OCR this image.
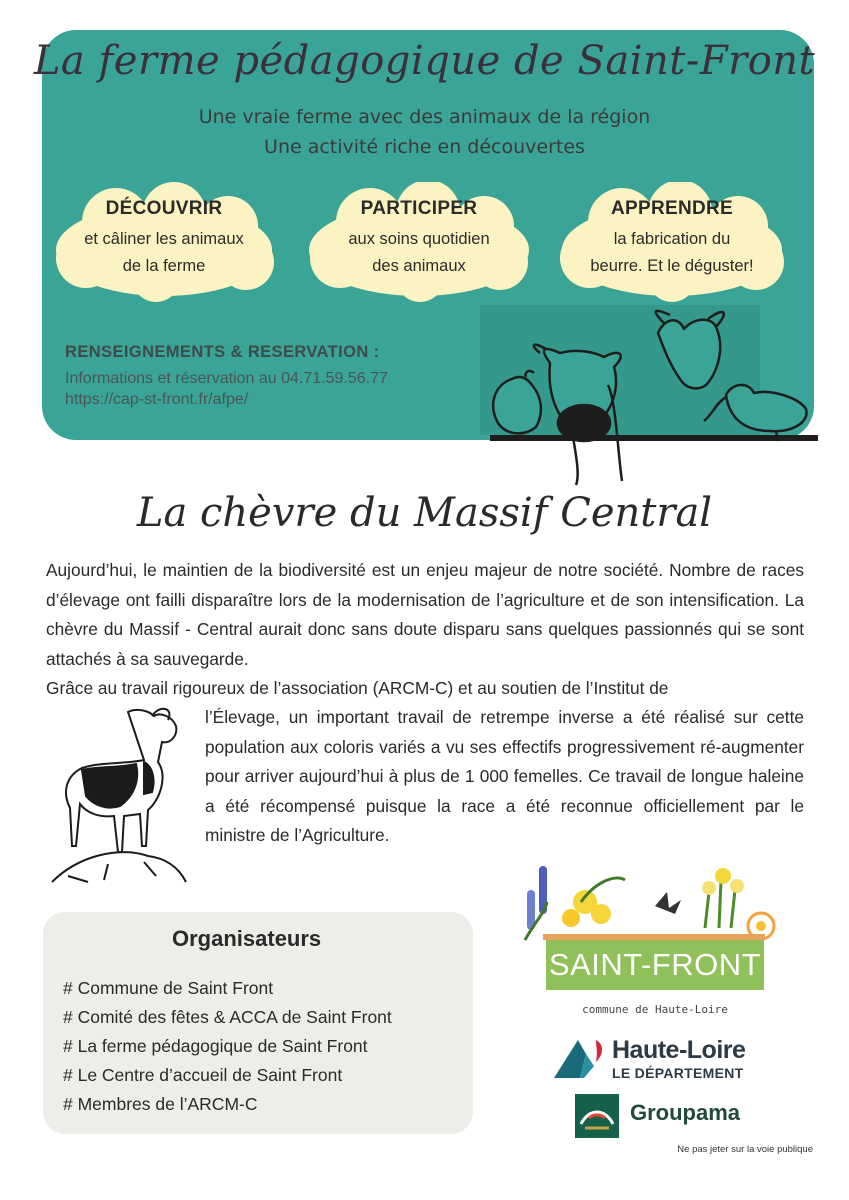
La ferme pédagogique de Saint-Front
Une vraie ferme avec des animaux de la région
Une activité riche en découvertes
DÉCOUVRIR
et câliner les animaux
de la ferme
PARTICIPER
aux soins quotidien
des animaux
APPRENDRE
la fabrication du
beurre. Et le déguster!
RENSEIGNEMENTS & RESERVATION :
Informations et réservation au 04.71.59.56.77
https://cap-st-front.fr/afpe/
La chèvre du Massif Central
Aujourd’hui, le maintien de la biodiversité est un enjeu majeur de notre société. Nombre de races d’élevage ont failli disparaître lors de la modernisation de l’agriculture et de son intensification. La chèvre du Massif - Central aurait donc sans doute disparu sans quelques passionnés qui se sont attachés à sa sauvegarde.
Grâce au travail rigoureux de l’association (ARCM-C) et au soutien de l’Institut de
l’Élevage, un important travail de retrempe inverse a été réalisé sur cette population aux coloris variés a vu ses effectifs progressivement ré-augmenter pour arriver aujourd’hui à plus de 1 000 femelles. Ce travail de longue haleine a été récompensé puisque la race a été reconnue officiellement par le ministre de l’Agriculture.
Organisateurs
# Commune de Saint Front
# Comité des fêtes & ACCA de Saint Front
# La ferme pédagogique de Saint Front
# Le Centre d’accueil de Saint Front
# Membres de l’ARCM-C
SAINT-FRONT
commune de Haute-Loire
Haute-Loire
LE DÉPARTEMENT
Groupama
Ne pas jeter sur la voie publique
